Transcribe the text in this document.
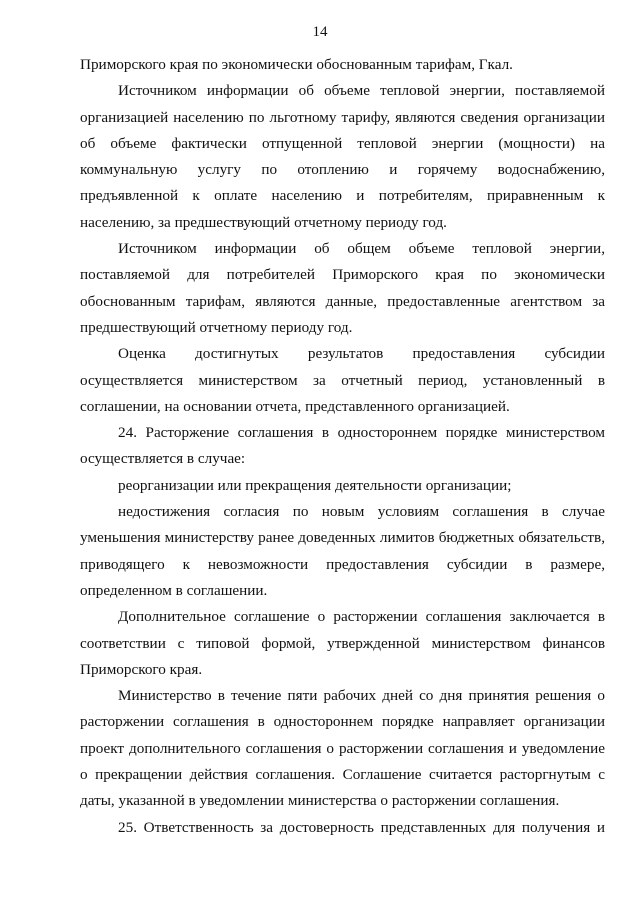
14

Приморского края по экономически обоснованным тарифам, Гкал.

Источником информации об объеме тепловой энергии, поставляемой организацией населению по льготному тарифу, являются сведения организации об объеме фактически отпущенной тепловой энергии (мощности) на коммунальную услугу по отоплению и горячему водоснабжению, предъявленной к оплате населению и потребителям, приравненным к населению, за предшествующий отчетному периоду год.

Источником информации об общем объеме тепловой энергии, поставляемой для потребителей Приморского края по экономически обоснованным тарифам, являются данные, предоставленные агентством за предшествующий отчетному периоду год.

Оценка достигнутых результатов предоставления субсидии осуществляется министерством за отчетный период, установленный в соглашении, на основании отчета, представленного организацией.

24. Расторжение соглашения в одностороннем порядке министерством осуществляется в случае:

реорганизации или прекращения деятельности организации;

недостижения согласия по новым условиям соглашения в случае уменьшения министерству ранее доведенных лимитов бюджетных обязательств, приводящего к невозможности предоставления субсидии в размере, определенном в соглашении.

Дополнительное соглашение о расторжении соглашения заключается в соответствии с типовой формой, утвержденной министерством финансов Приморского края.

Министерство в течение пяти рабочих дней со дня принятия решения о расторжении соглашения в одностороннем порядке направляет организации проект дополнительного соглашения о расторжении соглашения и уведомление о прекращении действия соглашения. Соглашение считается расторгнутым с даты, указанной в уведомлении министерства о расторжении соглашения.

25. Ответственность за достоверность представленных для получения и
